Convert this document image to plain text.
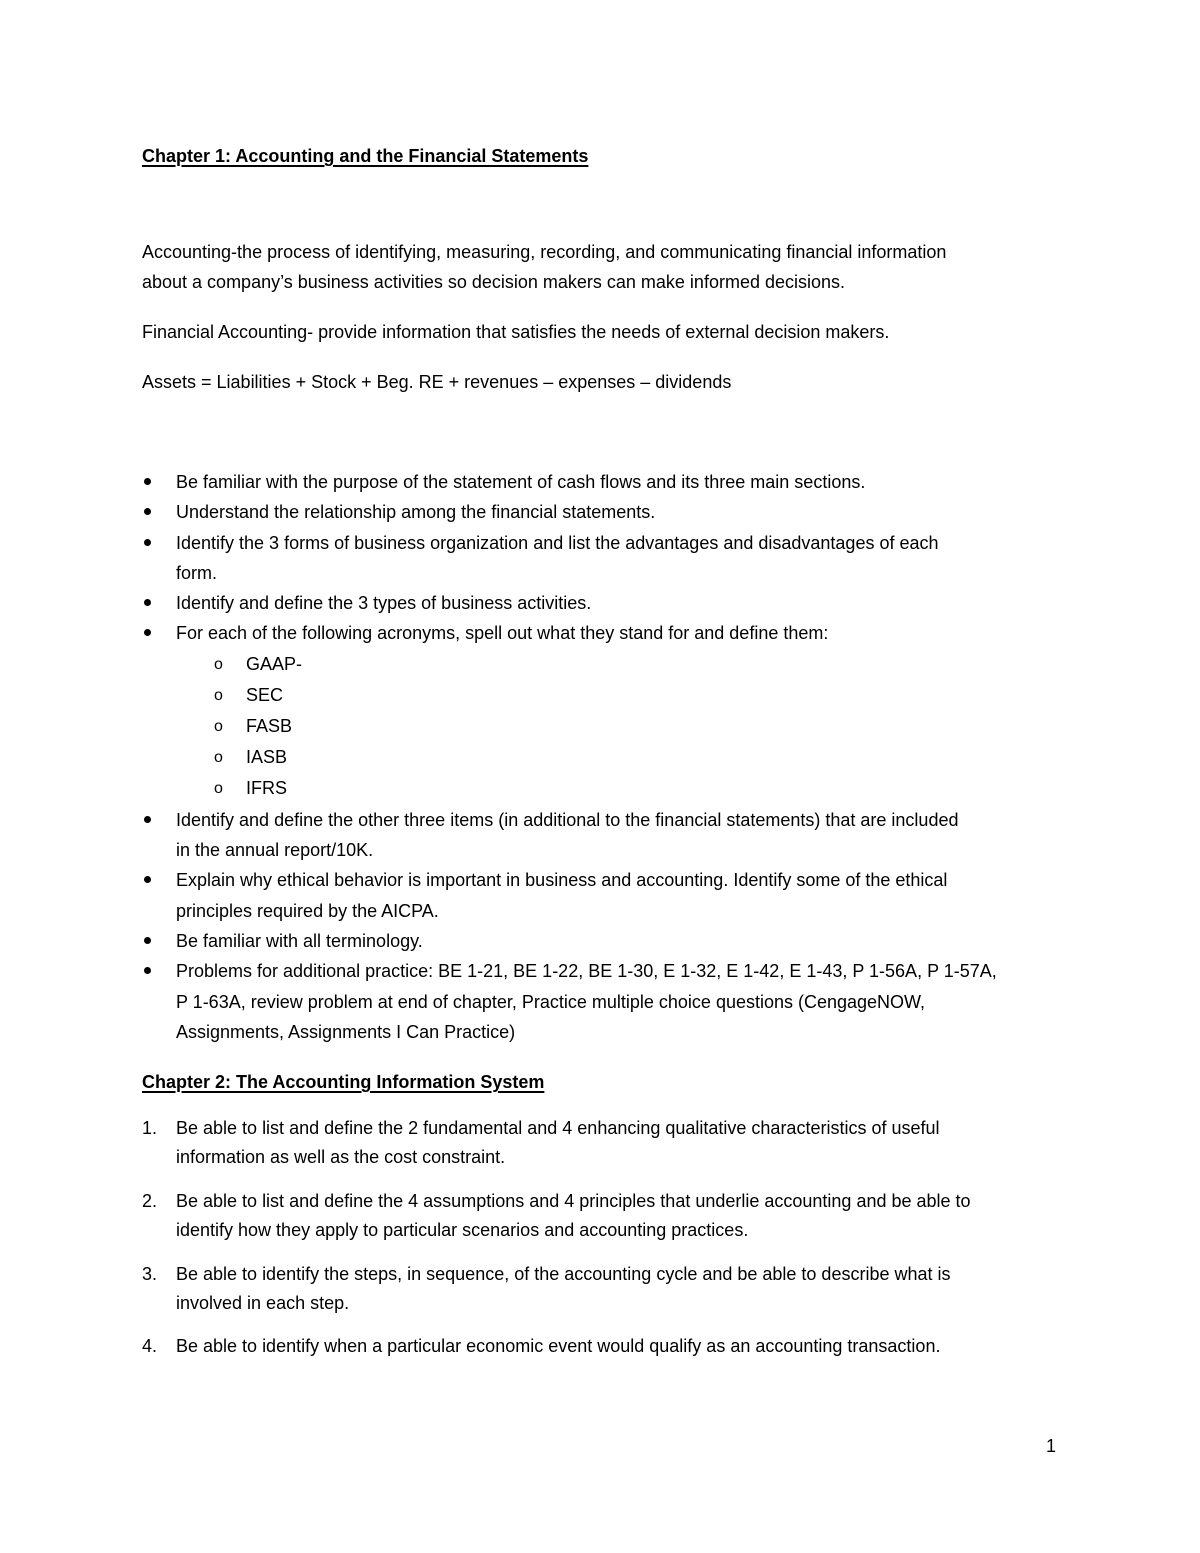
Chapter 1: Accounting and the Financial Statements
Accounting-the process of identifying, measuring, recording, and communicating financial information
about a company’s business activities so decision makers can make informed decisions.
Financial Accounting- provide information that satisfies the needs of external decision makers.
Assets = Liabilities + Stock + Beg. RE + revenues – expenses – dividends
Be familiar with the purpose of the statement of cash flows and its three main sections.
Understand the relationship among the financial statements.
Identify the 3 forms of business organization and list the advantages and disadvantages of each
form.
Identify and define the 3 types of business activities.
For each of the following acronyms, spell out what they stand for and define them:
o GAAP-
o SEC
o FASB
o IASB
o IFRS
Identify and define the other three items (in additional to the financial statements) that are included
in the annual report/10K.
Explain why ethical behavior is important in business and accounting. Identify some of the ethical
principles required by the AICPA.
Be familiar with all terminology.
Problems for additional practice: BE 1-21, BE 1-22, BE 1-30, E 1-32, E 1-42, E 1-43, P 1-56A, P 1-57A,
P 1-63A, review problem at end of chapter, Practice multiple choice questions (CengageNOW,
Assignments, Assignments I Can Practice)
Chapter 2: The Accounting Information System
1. Be able to list and define the 2 fundamental and 4 enhancing qualitative characteristics of useful
information as well as the cost constraint.
2. Be able to list and define the 4 assumptions and 4 principles that underlie accounting and be able to
identify how they apply to particular scenarios and accounting practices.
3. Be able to identify the steps, in sequence, of the accounting cycle and be able to describe what is
involved in each step.
4. Be able to identify when a particular economic event would qualify as an accounting transaction.
1
